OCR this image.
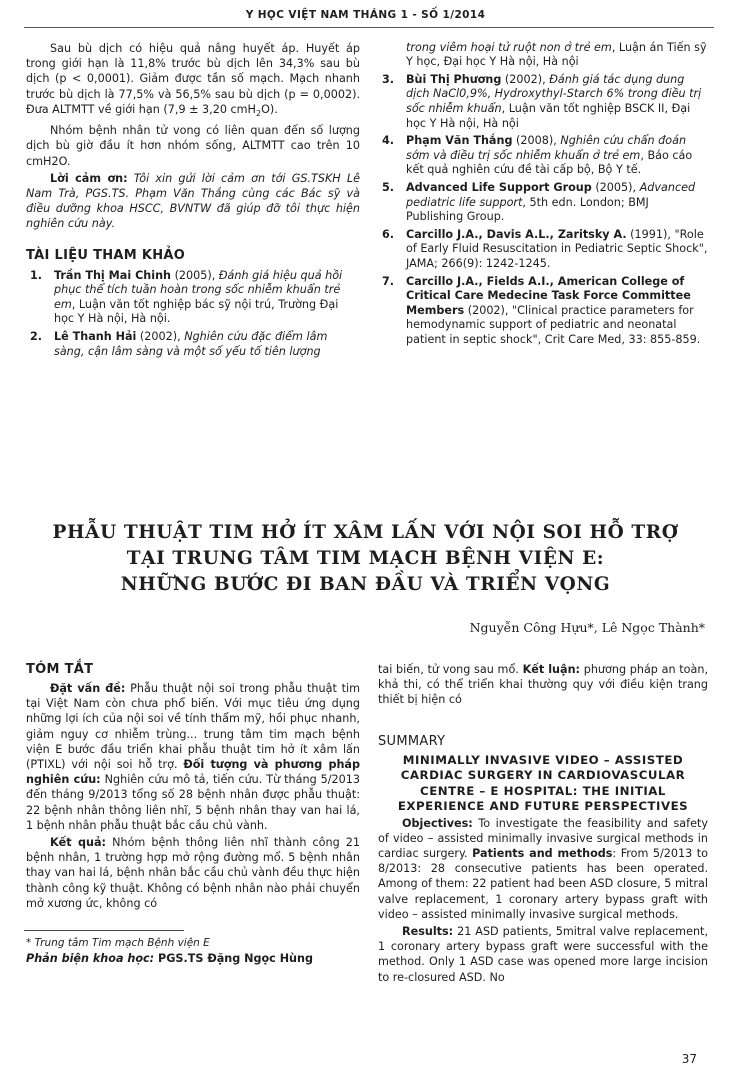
Y HỌC VIỆT NAM THÁNG 1 - SỐ 1/2014

Sau bù dịch có hiệu quả nâng huyết áp. Huyết áp trong giới hạn là 11,8% trước bù dịch lên 34,3% sau bù dịch (p < 0,0001). Giảm được tần số mạch. Mạch nhanh trước bù dịch là 77,5% và 56,5% sau bù dịch (p = 0,0002). Đưa ALTMTT về giới hạn (7,9 ± 3,20 cmH$_2$O).

Nhóm bệnh nhân tử vong có liên quan đến số lượng dịch bù giờ đầu ít hơn nhóm sống, ALTMTT cao trên 10 cmH2O.

Lời cảm ơn: Tôi xin gửi lời cảm ơn tới GS.TSKH Lê Nam Trà, PGS.TS. Phạm Văn Thắng cùng các Bác sỹ và điều dưỡng khoa HSCC, BVNTW đã giúp đỡ tôi thực hiện nghiên cứu này.

TÀI LIỆU THAM KHẢO
1. Trần Thị Mai Chinh (2005), Đánh giá hiệu quả hồi phục thể tích tuần hoàn trong sốc nhiễm khuẩn trẻ em, Luận văn tốt nghiệp bác sỹ nội trú, Trường Đại học Y Hà nội, Hà nội.
2. Lê Thanh Hải (2002), Nghiên cứu đặc điểm lâm sàng, cận lâm sàng và một số yếu tố tiên lượng
trong viêm hoại tử ruột non ở trẻ em, Luận án Tiến sỹ Y học, Đại học Y Hà nội, Hà nội
3. Bùi Thị Phương (2002), Đánh giá tác dụng dung dịch NaCl0,9%, Hydroxythyl-Starch 6% trong điều trị sốc nhiễm khuẩn, Luận văn tốt nghiệp BSCK II, Đại học Y Hà nội, Hà nội
4. Phạm Văn Thắng (2008), Nghiên cứu chẩn đoán sớm và điều trị sốc nhiễm khuẩn ở trẻ em, Báo cáo kết quả nghiên cứu đề tài cấp bộ, Bộ Y tế.
5. Advanced Life Support Group (2005), Advanced pediatric life support, 5th edn. London; BMJ Publishing Group.
6. Carcillo J.A., Davis A.L., Zaritsky A. (1991), "Role of Early Fluid Resuscitation in Pediatric Septic Shock", JAMA; 266(9): 1242-1245.
7. Carcillo J.A., Fields A.I., American College of Critical Care Medecine Task Force Committee Members (2002), "Clinical practice parameters for hemodynamic support of pediatric and neonatal patient in septic shock", Crit Care Med, 33: 855-859.
PHẪU THUẬT TIM HỞ ÍT XÂM LẤN VỚI NỘI SOI HỖ TRỢ
TẠI TRUNG TÂM TIM MẠCH BỆNH VIỆN E:
NHỮNG BƯỚC ĐI BAN ĐẦU VÀ TRIỂN VỌNG
Nguyễn Công Hựu*, Lê Ngọc Thành*
TÓM TẮT

Đặt vấn đề: Phẫu thuật nội soi trong phẫu thuật tim tại Việt Nam còn chưa phổ biến. Với mục tiêu ứng dụng những lợi ích của nội soi về tính thẩm mỹ, hồi phục nhanh, giảm nguy cơ nhiễm trùng... trung tâm tim mạch bệnh viện E bước đầu triển khai phẫu thuật tim hở ít xâm lấn (PTIXL) với nội soi hỗ trợ. Đối tượng và phương pháp nghiên cứu: Nghiên cứu mô tả, tiến cứu. Từ tháng 5/2013 đến tháng 9/2013 tổng số 28 bệnh nhân được phẫu thuật: 22 bệnh nhân thông liên nhĩ, 5 bệnh nhân thay van hai lá, 1 bệnh nhân phẫu thuật bắc cầu chủ vành.

Kết quả: Nhóm bệnh thông liên nhĩ thành công 21 bệnh nhân, 1 trường hợp mở rộng đường mổ. 5 bệnh nhân thay van hai lá, bệnh nhân bắc cầu chủ vành đều thực hiện thành công kỹ thuật. Không có bệnh nhân nào phải chuyển mở xương ức, không có

tai biến, tử vong sau mổ. Kết luận: phương pháp an toàn, khả thi, có thể triển khai thường quy với điều kiện trang thiết bị hiện có

SUMMARY
MINIMALLY INVASIVE VIDEO – ASSISTED CARDIAC SURGERY IN CARDIOVASCULAR CENTRE – E HOSPITAL: THE INITIAL EXPERIENCE AND FUTURE PERSPECTIVES

Objectives: To investigate the feasibility and safety of video – assisted minimally invasive surgical methods in cardiac surgery. Patients and methods: From 5/2013 to 8/2013: 28 consecutive patients has been operated. Among of them: 22 patient had been ASD closure, 5 mitral valve replacement, 1 coronary artery bypass graft with video – assisted minimally invasive surgical methods.

Results: 21 ASD patients, 5mitral valve replacement, 1 coronary artery bypass graft were successful with the method. Only 1 ASD case was opened more large incision to re-closured ASD. No

* Trung tâm Tim mạch Bệnh viện E
Phản biện khoa học: PGS.TS Đặng Ngọc Hùng
37
